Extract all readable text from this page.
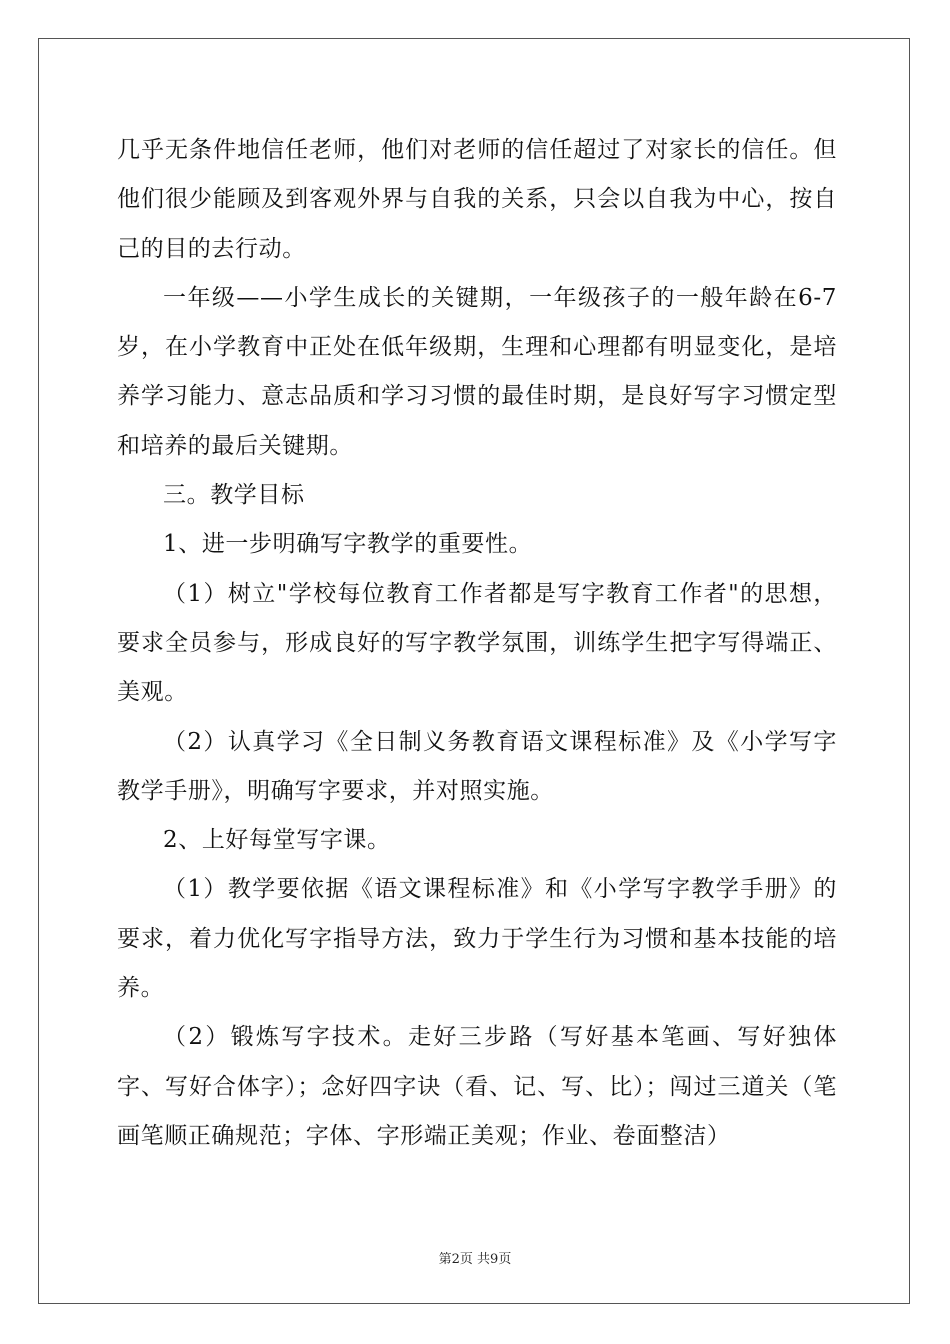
几乎无条件地信任老师，他们对老师的信任超过了对家长的信任。但他们很少能顾及到客观外界与自我的关系，只会以自我为中心，按自己的目的去行动。

一年级——小学生成长的关键期，一年级孩子的一般年龄在6-7岁，在小学教育中正处在低年级期，生理和心理都有明显变化，是培养学习能力、意志品质和学习习惯的最佳时期，是良好写字习惯定型和培养的最后关键期。

三。教学目标

1、进一步明确写字教学的重要性。

（1）树立"学校每位教育工作者都是写字教育工作者"的思想，要求全员参与，形成良好的写字教学氛围，训练学生把字写得端正、美观。

（2）认真学习《全日制义务教育语文课程标准》及《小学写字教学手册》，明确写字要求，并对照实施。

2、上好每堂写字课。

（1）教学要依据《语文课程标准》和《小学写字教学手册》的要求，着力优化写字指导方法，致力于学生行为习惯和基本技能的培养。

（2）锻炼写字技术。走好三步路（写好基本笔画、写好独体字、写好合体字）；念好四字诀（看、记、写、比）；闯过三道关（笔画笔顺正确规范；字体、字形端正美观；作业、卷面整洁）

第2页 共9页
